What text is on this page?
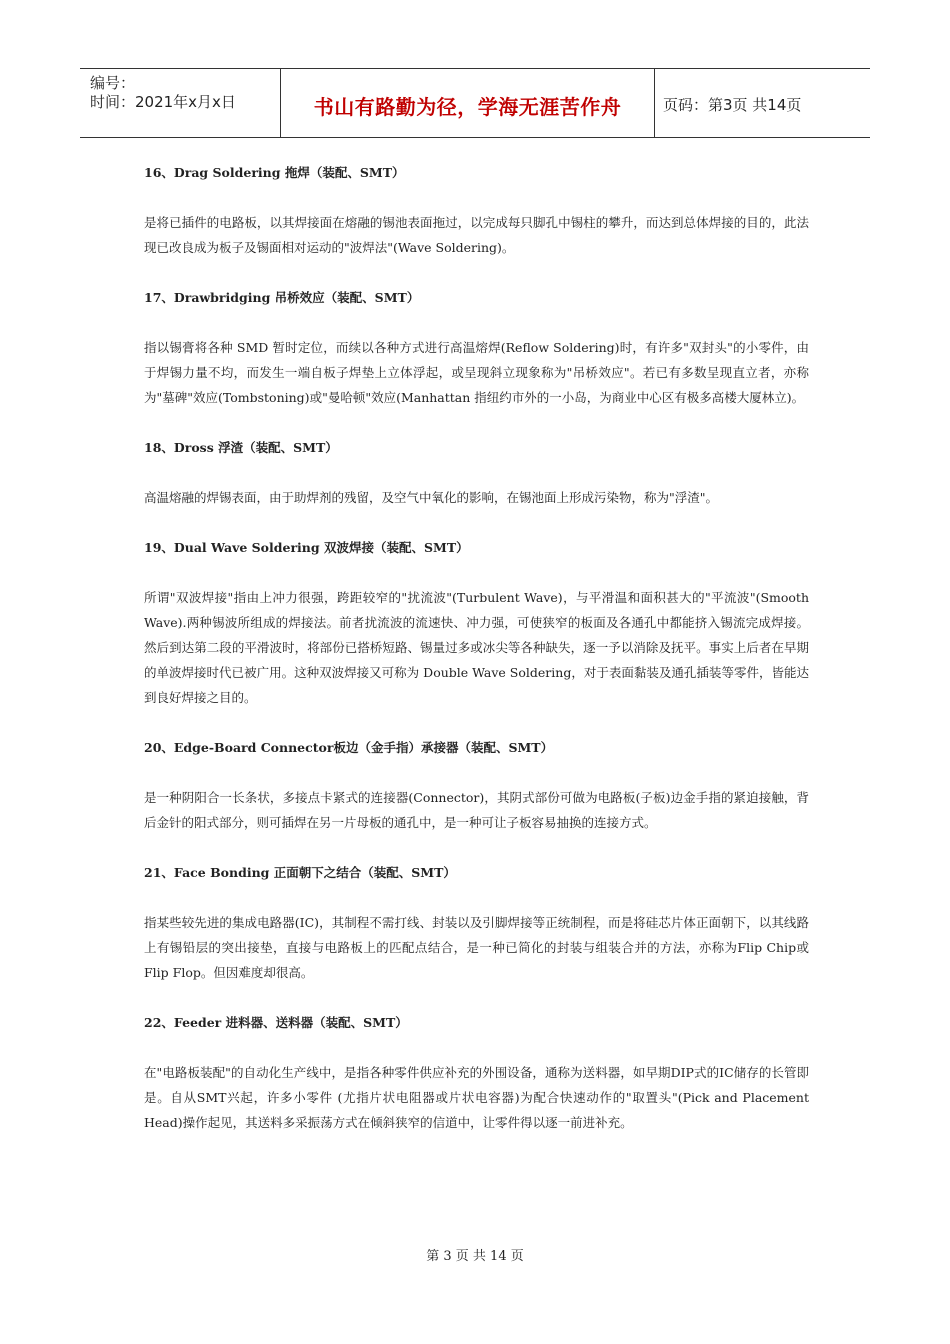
编号：
时间：2021年x月x日	书山有路勤为径，学海无涯苦作舟	页码：第3页 共14页
16、Drag Soldering 拖焊（装配、SMT）

是将已插件的电路板，以其焊接面在熔融的锡池表面拖过，以完成每只脚孔中锡柱的攀升，而达到总体焊接的目的，此法现已改良成为板子及锡面相对运动的"波焊法"(Wave Soldering)。

17、Drawbridging 吊桥效应（装配、SMT）

指以锡膏将各种 SMD 暂时定位，而续以各种方式进行高温熔焊(Reflow Soldering)时，有许多"双封头"的小零件，由于焊锡力量不均，而发生一端自板子焊垫上立体浮起，或呈现斜立现象称为"吊桥效应"。若已有多数呈现直立者，亦称为"墓碑"效应(Tombstoning)或"曼哈顿"效应(Manhattan 指纽约市外的一小岛，为商业中心区有极多高楼大厦林立)。

18、Dross 浮渣（装配、SMT）

高温熔融的焊锡表面，由于助焊剂的残留，及空气中氧化的影响，在锡池面上形成污染物，称为"浮渣"。

19、Dual Wave Soldering 双波焊接（装配、SMT）

所谓"双波焊接"指由上冲力很强，跨距较窄的"扰流波"(Turbulent Wave)，与平滑温和面积甚大的"平流波"(Smooth Wave).两种锡波所组成的焊接法。前者扰流波的流速快、冲力强，可使狭窄的板面及各通孔中都能挤入锡流完成焊接。然后到达第二段的平滑波时，将部份已搭桥短路、锡量过多或冰尖等各种缺失，逐一予以消除及抚平。事实上后者在早期的单波焊接时代已被广用。这种双波焊接又可称为 Double Wave Soldering，对于表面黏装及通孔插装等零件，皆能达到良好焊接之目的。

20、Edge-Board Connector板边（金手指）承接器（装配、SMT）

是一种阴阳合一长条状，多接点卡紧式的连接器(Connector)，其阴式部份可做为电路板(子板)边金手指的紧迫接触，背后金针的阳式部分，则可插焊在另一片母板的通孔中，是一种可让子板容易抽换的连接方式。

21、Face Bonding 正面朝下之结合（装配、SMT）

指某些较先进的集成电路器(IC)，其制程不需打线、封装以及引脚焊接等正统制程，而是将硅芯片体正面朝下，以其线路上有锡铅层的突出接垫，直接与电路板上的匹配点结合，是一种已简化的封装与组装合并的方法，亦称为Flip Chip或Flip Flop。但因难度却很高。

22、Feeder 进料器、送料器（装配、SMT）

在"电路板装配"的自动化生产线中，是指各种零件供应补充的外围设备，通称为送料器，如早期DIP式的IC储存的长管即是。自从SMT兴起，许多小零件 (尤指片状电阻器或片状电容器)为配合快速动作的"取置头"(Pick and Placement Head)操作起见，其送料多采振荡方式在倾斜狭窄的信道中，让零件得以逐一前进补充。

第 3 页 共 14 页
